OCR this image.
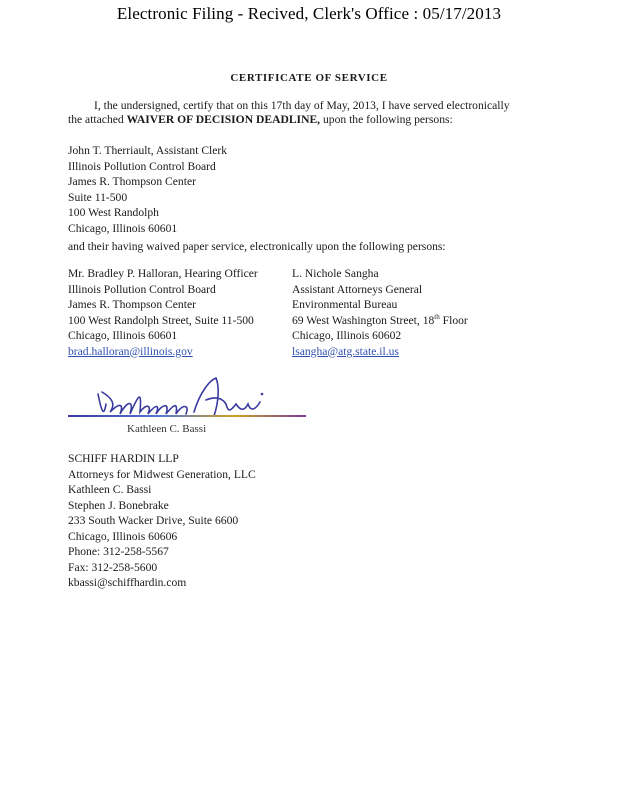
Electronic Filing - Recived, Clerk's Office : 05/17/2013
CERTIFICATE OF SERVICE
I, the undersigned, certify that on this 17th day of May, 2013, I have served electronically
the attached WAIVER OF DECISION DEADLINE, upon the following persons:
John T. Therriault, Assistant Clerk
Illinois Pollution Control Board
James R. Thompson Center
Suite 11-500
100 West Randolph
Chicago, Illinois 60601
and their having waived paper service, electronically upon the following persons:
Mr. Bradley P. Halloran, Hearing Officer
Illinois Pollution Control Board
James R. Thompson Center
100 West Randolph Street, Suite 11-500
Chicago, Illinois 60601
brad.halloran@illinois.gov
L. Nichole Sangha
Assistant Attorneys General
Environmental Bureau
69 West Washington Street, 18th Floor
Chicago, Illinois 60602
lsangha@atg.state.il.us
Kathleen C. Bassi
SCHIFF HARDIN LLP
Attorneys for Midwest Generation, LLC
Kathleen C. Bassi
Stephen J. Bonebrake
233 South Wacker Drive, Suite 6600
Chicago, Illinois 60606
Phone: 312-258-5567
Fax: 312-258-5600
kbassi@schiffhardin.com
